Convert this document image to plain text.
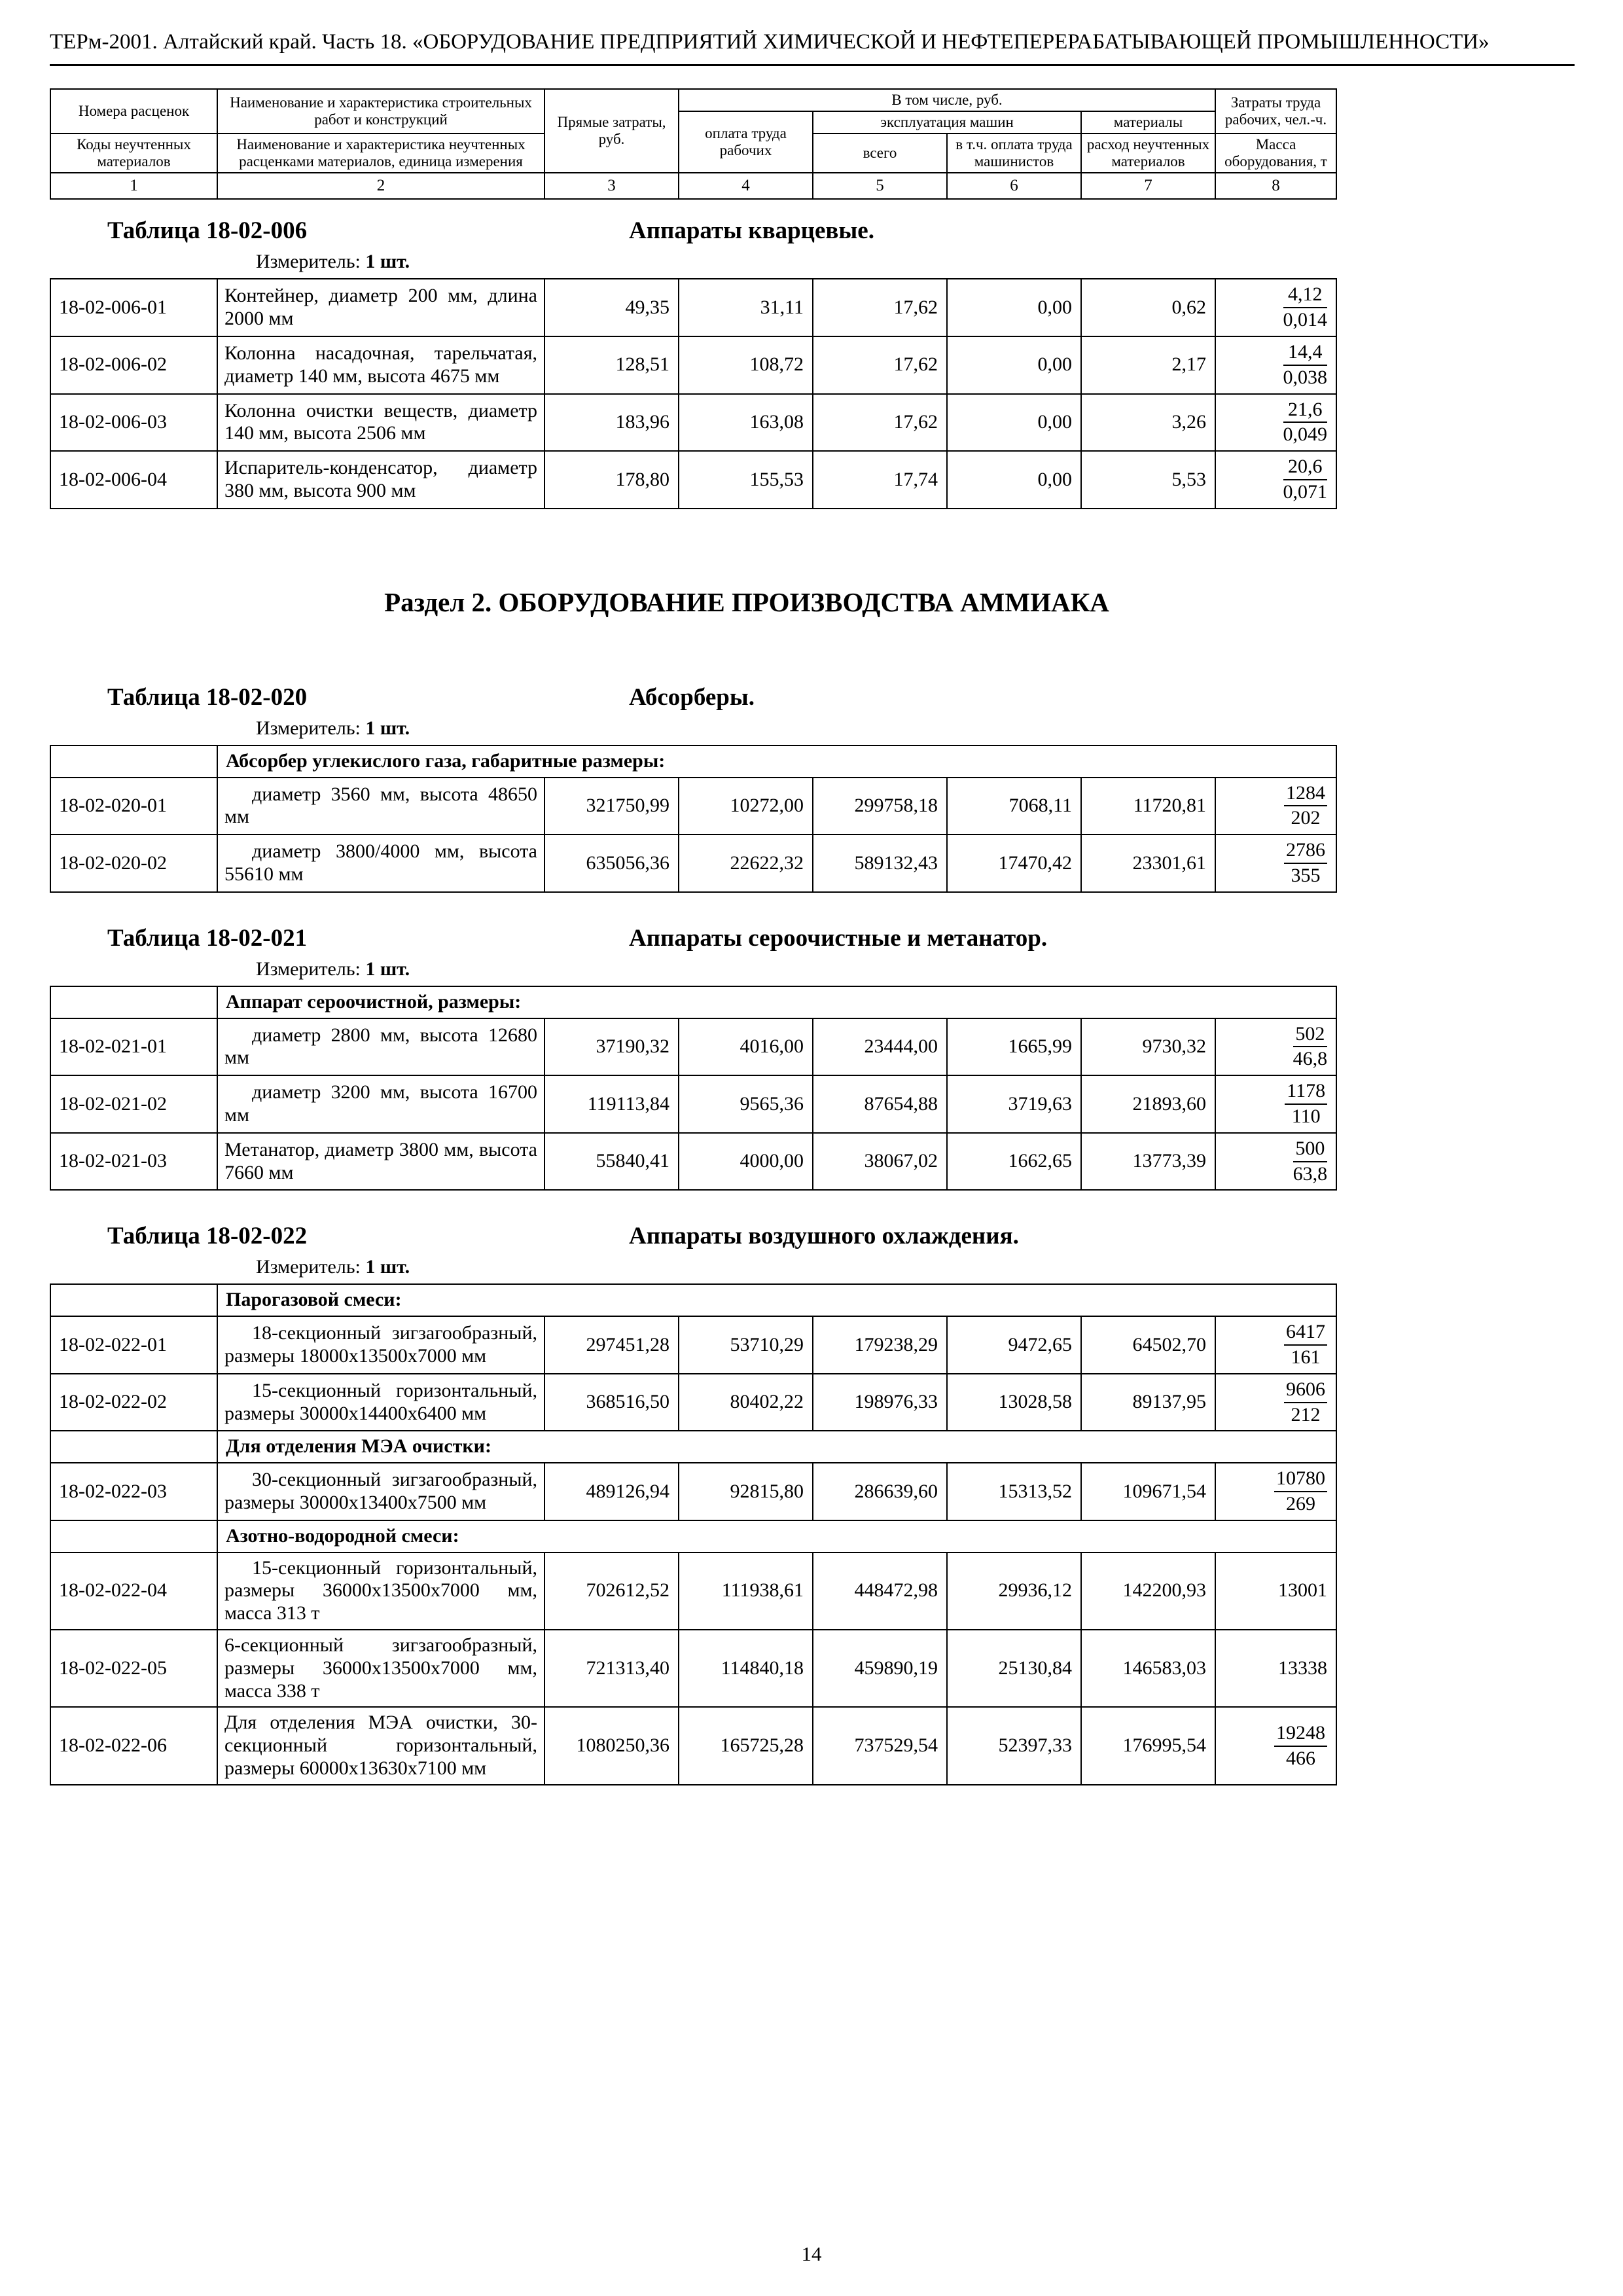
ТЕРм-2001. Алтайский край. Часть 18. «ОБОРУДОВАНИЕ ПРЕДПРИЯТИЙ ХИМИЧЕСКОЙ И НЕФТЕПЕРЕРАБАТЫВАЮЩЕЙ ПРОМЫШЛЕННОСТИ»
Номера расценок	Наименование и характеристика строительных работ и конструкций	Прямые затраты, руб.	В том числе, руб.				Затраты труда рабочих, чел.-ч.
			оплата труда рабочих	эксплуатация машин		материалы	
Коды неучтенных материалов	Наименование и характеристика неучтенных расценками материалов, единица измерения			всего	в т.ч. оплата труда машинистов	расход неучтенных материалов	Масса оборудования, т
1	2	3	4	5	6	7	8
Таблица 18-02-006	Аппараты кварцевые.
Измеритель: 1 шт.
18-02-006-01	Контейнер, диаметр 200 мм, длина 2000 мм	49,35	31,11	17,62	0,00	0,62	$\frac{4,12}{0,014}$

18-02-006-02	Колонна насадочная, тарельчатая, диаметр 140 мм, высота 4675 мм	128,51	108,72	17,62	0,00	2,17	$\frac{14,4}{0,038}$

18-02-006-03	Колонна очистки веществ, диаметр 140 мм, высота 2506 мм	183,96	163,08	17,62	0,00	3,26	$\frac{21,6}{0,049}$

18-02-006-04	Испаритель-конденсатор, диаметр 380 мм, высота 900 мм	178,80	155,53	17,74	0,00	5,53	$\frac{20,6}{0,071}$
Раздел 2. ОБОРУДОВАНИЕ ПРОИЗВОДСТВА АММИАКА
Таблица 18-02-020	Абсорберы.
Измеритель: 1 шт.
	Абсорбер углекислого газа, габаритные размеры:						
18-02-020-01	диаметр 3560 мм, высота 48650 мм	321750,99	10272,00	299758,18	7068,11	11720,81	$\frac{1284}{202}$

18-02-020-02	диаметр 3800/4000 мм, высота 55610 мм	635056,36	22622,32	589132,43	17470,42	23301,61	$\frac{2786}{355}$
Таблица 18-02-021	Аппараты сероочистные и метанатор.
Измеритель: 1 шт.
	Аппарат сероочистной, размеры:						
18-02-021-01	диаметр 2800 мм, высота 12680 мм	37190,32	4016,00	23444,00	1665,99	9730,32	$\frac{502}{46,8}$

18-02-021-02	диаметр 3200 мм, высота 16700 мм	119113,84	9565,36	87654,88	3719,63	21893,60	$\frac{1178}{110}$

18-02-021-03	Метанатор, диаметр 3800 мм, высота 7660 мм	55840,41	4000,00	38067,02	1662,65	13773,39	$\frac{500}{63,8}$
Таблица 18-02-022	Аппараты воздушного охлаждения.
Измеритель: 1 шт.
	Парогазовой смеси:						
18-02-022-01	18-секционный зигзагообразный, размеры 18000х13500х7000 мм	297451,28	53710,29	179238,29	9472,65	64502,70	$\frac{6417}{161}$

18-02-022-02	15-секционный горизонтальный, размеры 30000х14400х6400 мм	368516,50	80402,22	198976,33	13028,58	89137,95	$\frac{9606}{212}$

	Для отделения МЭА очистки:						
18-02-022-03	30-секционный зигзагообразный, размеры 30000х13400х7500 мм	489126,94	92815,80	286639,60	15313,52	109671,54	$\frac{10780}{269}$

	Азотно-водородной смеси:						
18-02-022-04	15-секционный горизонтальный, размеры 36000х13500х7000 мм, масса 313 т	702612,52	111938,61	448472,98	29936,12	142200,93	13001
18-02-022-05	6-секционный зигзагообразный, размеры 36000х13500х7000 мм, масса 338 т	721313,40	114840,18	459890,19	25130,84	146583,03	13338
18-02-022-06	Для отделения МЭА очистки, 30-секционный горизонтальный, размеры 60000х13630х7100 мм	1080250,36	165725,28	737529,54	52397,33	176995,54	$\frac{19248}{466}$
14
